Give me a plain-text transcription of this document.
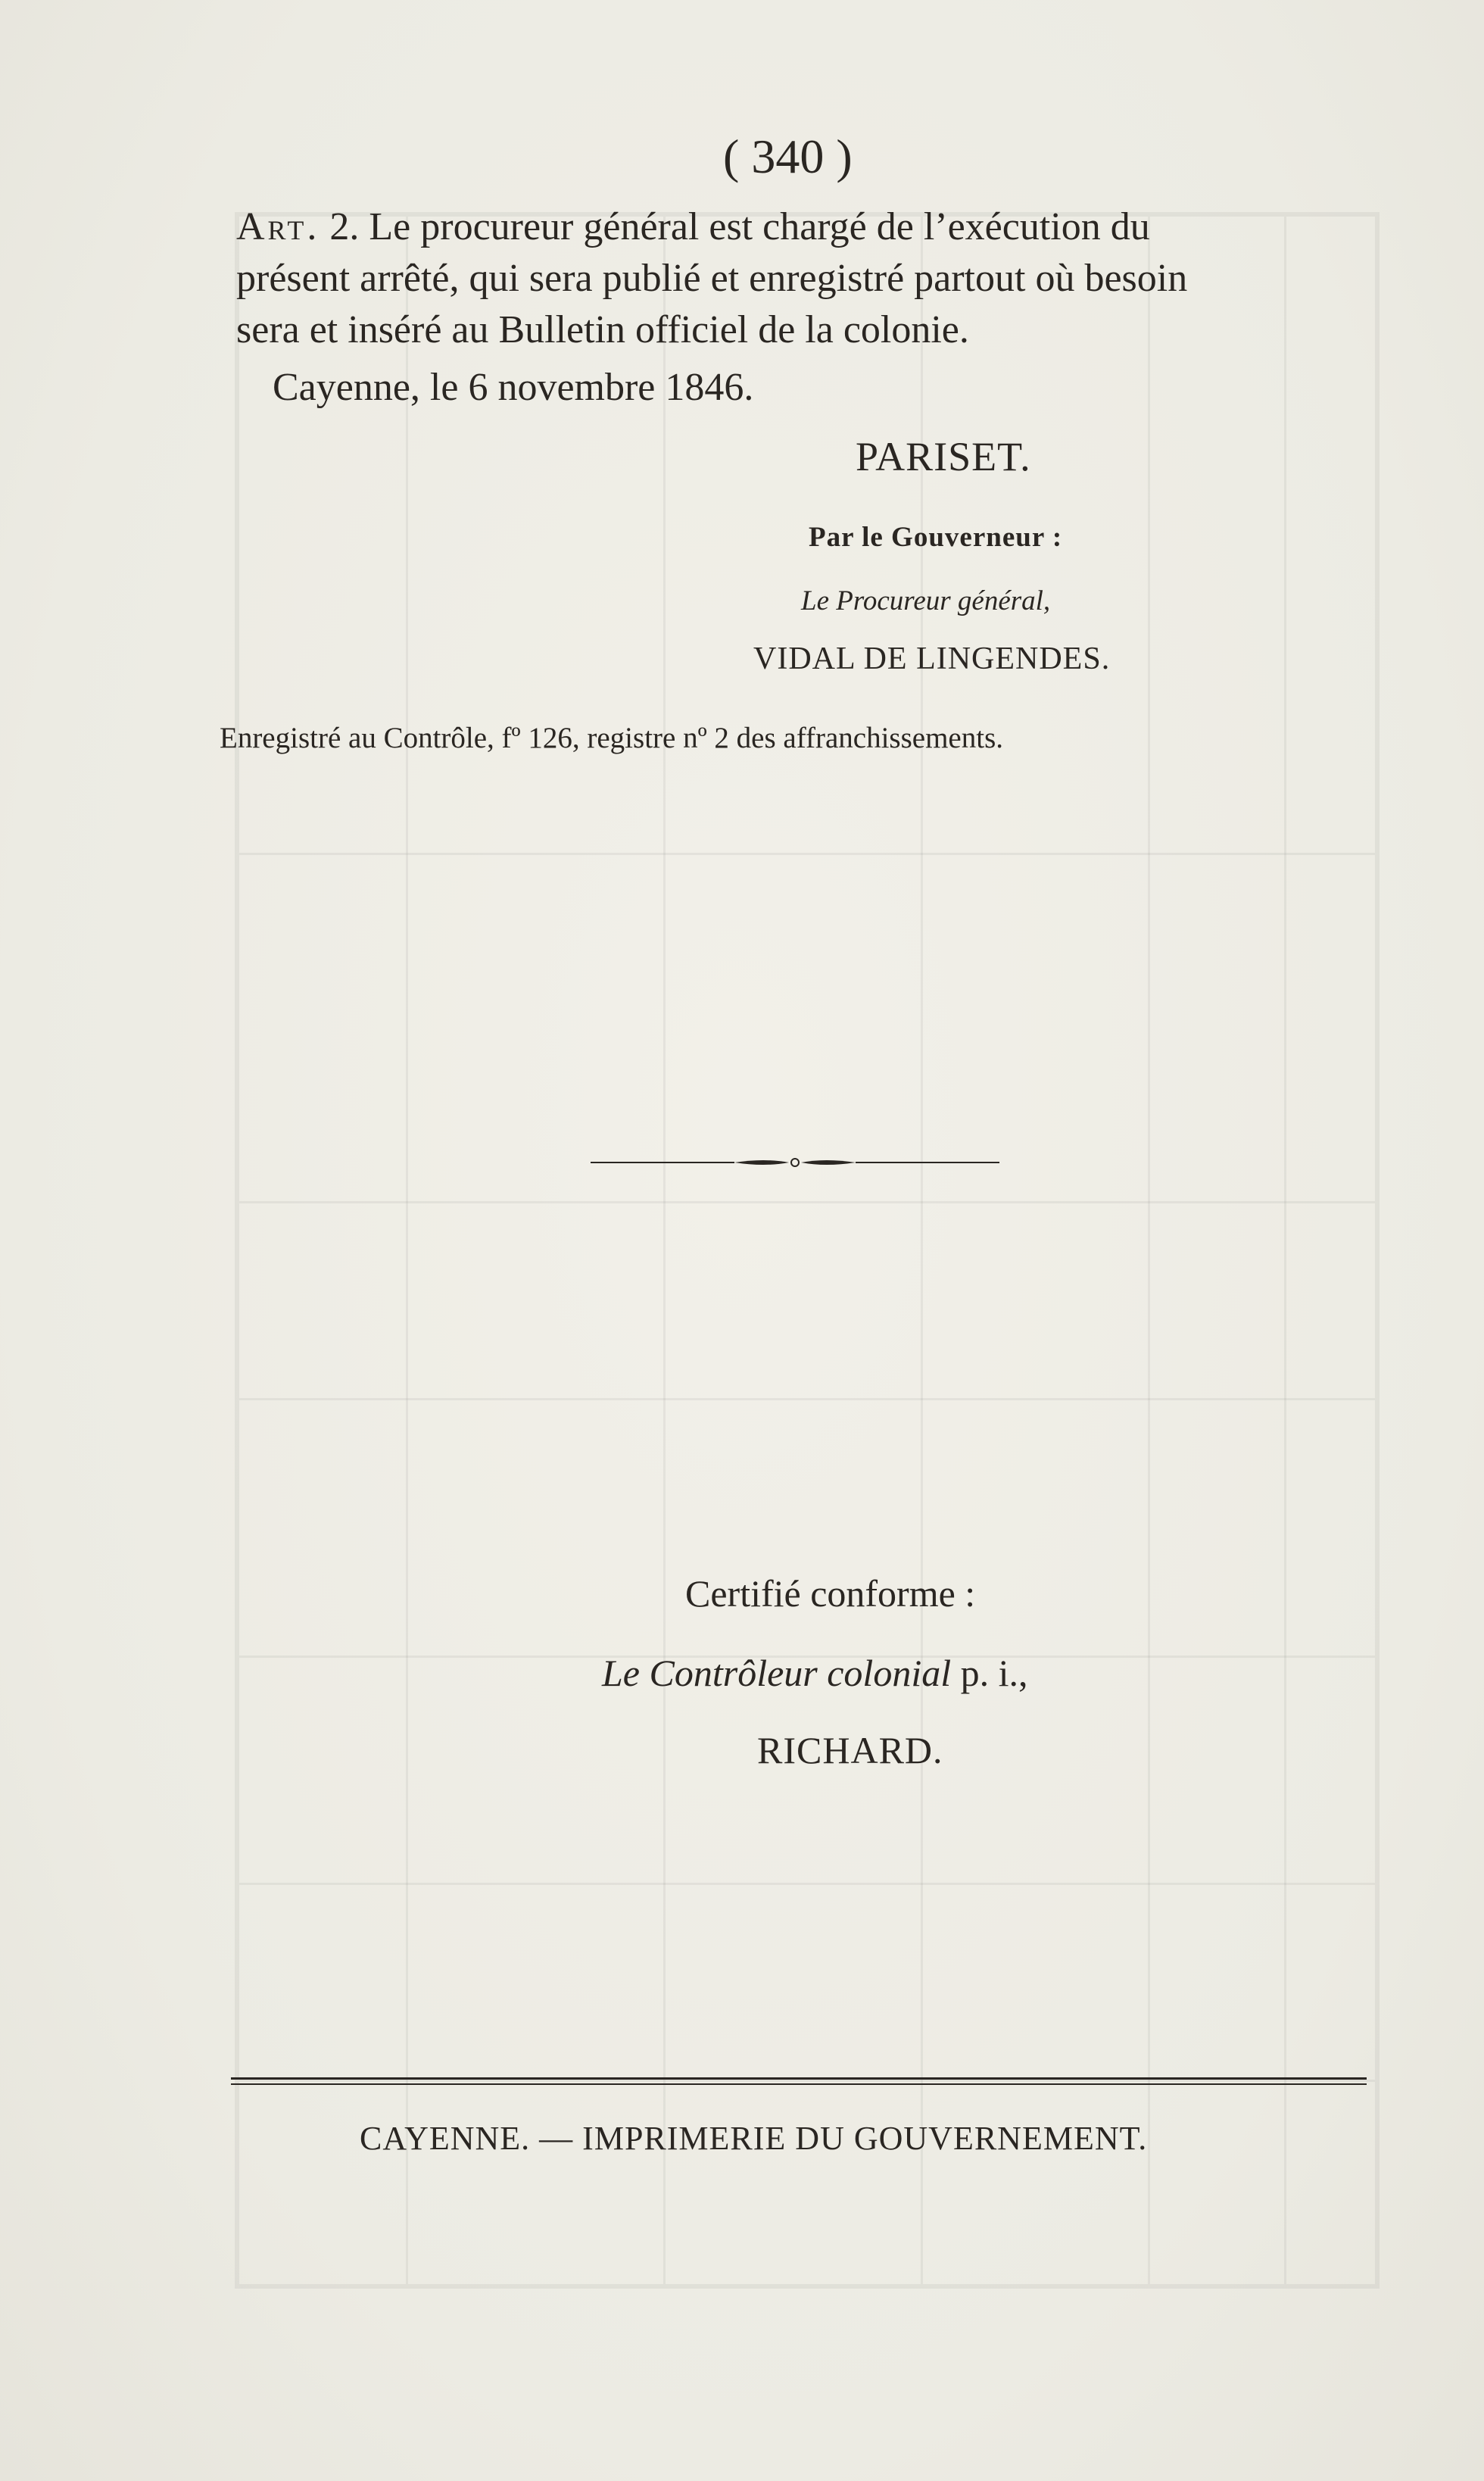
( 340 )
Art. 2. Le procureur général est chargé de l’exécution du
présent arrêté, qui sera publié et enregistré partout où besoin
sera et inséré au Bulletin officiel de la colonie.
Cayenne, le 6 novembre 1846.
PARISET.
Par le Gouverneur :
Le Procureur général,
VIDAL DE LINGENDES.
Enregistré au Contrôle, fº 126, registre nº 2 des affranchissements.
Certifié conforme :
Le Contrôleur colonial p. i.,
RICHARD.
CAYENNE. — IMPRIMERIE DU GOUVERNEMENT.
